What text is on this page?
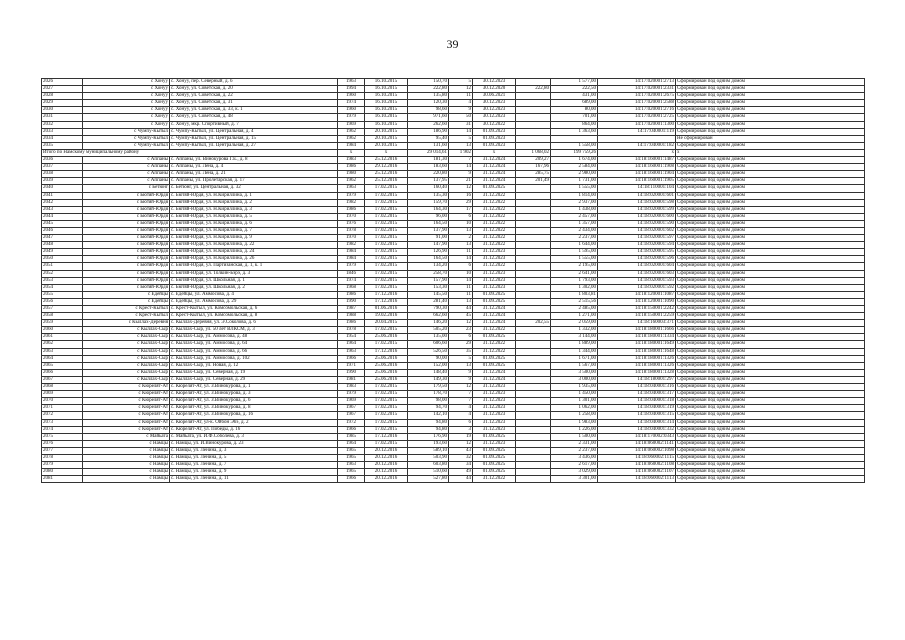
39
2026	с Хонуу	с. Хонуу, пер. Северный, д. 6	1963	16.10.2015	150,70	5	30.12.2023		1 577,00	14:17:020001:2713	Сформирован под одним домом
2027	с Хонуу	с. Хонуу, ул. Советская, д. 20	1994	16.10.2015	222,80	12	30.12.2020	222,80	222,50	14:17:020001:2331	Сформирован под одним домом
2028	с Хонуу	с. Хонуу, ул. Советская, д. 22	1960	16.10.2015	135,80	11	30.06.2021		431,00	14:17:020001:2675	Сформирован под одним домом
2029	с Хонуу	с. Хонуу, ул. Советская, д. 31	1974	16.10.2015	120,30	4	30.12.2023		689,00	14:17:020001:2588	Сформирован под одним домом
2030	с Хонуу	с. Хонуу, ул. Советская, д. 33, к. 1	1960	16.10.2015	98,60	9	30.12.2023		80,00	14:17:020001:2716	Сформирован под одним домом
2031	с Хонуу	с. Хонуу, ул. Советская, д. 48	1979	16.10.2015	971,60	50	30.12.2023		701,00	14:17:020001:2725	Сформирован под одним домом
2032	с Хонуу	с. Хонуу, мкр. Спортивный, д. 7	1969	16.10.2015	262,60	31	30.12.2022		864,00	14:17:020001:1300	Сформирован под одним домом
2033	с Чумпу-Кытыл	с. Чумпу-Кытыл, ул. Центральная, д. 4	1962	20.10.2015	186,90	14	01.09.2023		1 363,60	14:17:040001:119	Сформирован под одним домом
2034	с Чумпу-Кытыл	с. Чумпу-Кытыл, ул. Центральная, д. 15	1962	20.10.2015	95,40	5	01.09.2023				Не сформирован
2035	с Чумпу-Кытыл	с. Чумпу-Кытыл, ул. Центральная, д. 27	1984	20.10.2015	131,60	13	01.09.2023		1 558,00	14:17:040001:182	Сформирован под одним домом
Итого по Намскому муниципальному району			х	х	29 014,61	1 902	х	1 068,02	199 759,26	х	х
2036	с Аппаны	с. Аппаны, ул. Винокурова Г.Е., д. 8	1983	25.12.2016	181,30	7	31.12.2024	209,27	1 674,00	14:18:160001:1487	Сформирован под одним домом
2037	с Аппаны	с. Аппаны, ул. Лена, д. 4	1986	29.12.2016	183,60	14	31.12.2024	167,96	2 584,00	14:18:160001:1908	Сформирован под одним домом
2038	с Аппаны	с. Аппаны, ул. Лена, д. 21	1980	25.12.2016	220,80	9	31.12.2024	285,75	2 980,00	14:18:160001:1904	Сформирован под одним домом
2039	с Аппаны	с. Аппаны, ул. Пролетарская, д. 17	1962	25.12.2016	137,95	21	31.12.2024	201,49	1 731,00	14:18:160001:1905	Сформирован под одним домом
2040	с Бетюнг	с. Бетюнг, ул. Центральная, д. 32	1963	17.02.2015	160,40	12	01.09.2025		1 555,00	14:18:110001:104	Сформирован под одним домом
2041	с Бютяй-Юрдя	с. Бютяй-Юрдя, ул. Н.Кириллина, д. 1	1979	17.02.2015	135,30	16	31.12.2022		1 814,00	14:18:020001:601	Сформирован под одним домом
2042	с Бютяй-Юрдя	с. Бютяй-Юрдя, ул. Н.Кириллина, д. 2	1982	17.02.2015	159,70	29	31.12.2022		2 937,00	14:18:020001:598	Сформирован под одним домом
2043	с Бютяй-Юрдя	с. Бютяй-Юрдя, ул. Н.Кириллина, д. 3	1986	17.02.2015	164,30	17	31.12.2022		1 438,00	14:18:020001:599	Сформирован под одним домом
2044	с Бютяй-Юрдя	с. Бютяй-Юрдя, ул. Н.Кириллина, д. 5	1970	17.02.2015	96,00	6	31.12.2022		2 457,00	14:18:020001:600	Сформирован под одним домом
2045	с Бютяй-Юрдя	с. Бютяй-Юрдя, ул. Н.Кириллина, д. 6	1976	17.02.2015	164,50	10	31.12.2022		1 357,00	14:18:020001:590	Сформирован под одним домом
2046	с Бютяй-Юрдя	с. Бютяй-Юрдя, ул. Н.Кириллина, д. 7	1978	17.02.2015	137,90	13	31.12.2022		2 434,00	14:18:020001:602	Сформирован под одним домом
2047	с Бютяй-Юрдя	с. Бютяй-Юрдя, ул. Н.Кириллина, д. 9	1970	17.02.2015	91,00	2	31.12.2022		2 237,00	14:18:020001:597	Сформирован под одним домом
2048	с Бютяй-Юрдя	с. Бютяй-Юрдя, ул. Н.Кириллина, д. 22	1982	17.02.2015	147,90	13	31.12.2022		1 644,00	14:18:020001:594	Сформирован под одним домом
2049	с Бютяй-Юрдя	с. Бютяй-Юрдя, ул. Н.Кириллина, д. 24	1984	17.02.2015	126,90	11	31.12.2023		1 595,00	14:18:020001:595	Сформирован под одним домом
2050	с Бютяй-Юрдя	с. Бютяй-Юрдя, ул. Н.Кириллина, д. 26	1984	17.02.2015	164,50	14	31.12.2023		1 555,00	14:18:020001:596	Сформирован под одним домом
2051	с Бютяй-Юрдя	с. Бютяй-Юрдя, ул. Партизанская, д. 1, к. 1	1979	17.02.2015	134,20	6	31.12.2022		2 195,00	14:18:020001:604	Сформирован под одним домом
2052	с Бютяй-Юрдя	с. Бютяй-Юрдя, ул. Толкин-Бэрэ, д. 3	1846	17.02.2015	258,70	10	31.12.2023		2 641,00	14:18:020001:603	Сформирован под одним домом
2053	с Бютяй-Юрдя	с. Бютяй-Юрдя, ул. Школьная, д. 1	1974	17.02.2015	157,90	14	31.12.2023		1 793,00	14:18:020001:593	Сформирован под одним домом
2054	с Бютяй-Юрдя	с. Бютяй-Юрдя, ул. Школьная, д. 2	1968	17.02.2015	153,30	11	31.12.2023		1 302,00	14:18:020001:592	Сформирован под одним домом
2055	с Едейцы	с. Едейцы, ул. Аммосова, д. 4	1986	17.12.2016	145,50	11	01.09.2025		1 803,81	14:18:120001:1087	Сформирован под одним домом
2056	с Едейцы	с. Едейцы, ул. Аммосова, д. 29	1990	17.12.2016	281,40	13	01.09.2025		2 515,56	14:18:120001:1090	Сформирован под одним домом
2057	с Крест-Кытыл	с. Крест-Кытыл, ул. Комсомольская, д. 6	1987	01.06.2016	790,30	44	31.12.2024		2 485,00	14:18:150001:2242	Сформирован под одним домом
2058	с Крест-Кытыл	с. Крест-Кытыл, ул. Комсомольская, д. 8	1988	19.02.2016	662,60	45	31.12.2024		1 271,00	14:18:150001:2259	Сформирован под одним домом
2059	с Кыллах-Деревня	с. Кыллах-Деревня, ул. Э.Соколова, д. 6	1986	20.04.2015	146,20	12	31.12.2024	202,55	2 059,00	14:18:160003:371	Сформирован под одним домом
2060	с Кыллах-Сыр	с. Кыллах-Сыр, ул. 50 лет ВЛКСМ, д. 3	1978	17.02.2015	505,20	23	31.12.2022		1 332,00	14:18:180001:1666	Сформирован под одним домом
2061	с Кыллах-Сыр	с. Кыллах-Сыр, ул. Аммосова, д. 48	1954	25.06.2016	135,00	6	01.09.2025		3 144,00	14:18:180001:1334	Сформирован под одним домом
2062	с Кыллах-Сыр	с. Кыллах-Сыр, ул. Аммосова, д. 64	1964	17.02.2015	606,60	29	31.12.2022		1 889,00	14:18:180001:1649	Сформирован под одним домом
2063	с Кыллах-Сыр	с. Кыллах-Сыр, ул. Аммосова, д. 66	1963	17.12.2016	526,50	35	31.12.2022		1 344,00	14:18:180001:1648	Сформирован под одним домом
2064	с Кыллах-Сыр	с. Кыллах-Сыр, ул. Аммосова, д. 102	1966	25.06.2016	90,00	5	01.09.2025		1 671,00	14:18:180001:1326	Сформирован под одним домом
2065	с Кыллах-Сыр	с. Кыллах-Сыр, ул. Новая, д. 12	1971	25.06.2016	152,00	13	01.09.2025		1 567,00	14:18:180001:1326	Сформирован под одним домом
2066	с Кыллах-Сыр	с. Кыллах-Сыр, ул. Северная, д. 19	1990	25.06.2016	148,40	9	31.12.2024		3 500,00	14:18:180001:1328	Сформирован под одним домом
2067	с Кыллах-Сыр	с. Кыллах-Сыр, ул. Северная, д. 29	1981	25.06.2016	149,30	9	31.12.2024		3 000,00	14:18:180001:297	Сформирован под одним домом
2068	с Кюрелят-Ат	с. Кюрелят-Ат, ул. З.Винокурова, д. 1	1983	17.02.2015	179,50	12	31.12.2023		1 935,00	14:18:040001:316	Сформирован под одним домом
2069	с Кюрелят-Ат	с. Кюрелят-Ат, ул. З.Винокурова, д. 3	1979	17.02.2015	178,70	7	31.12.2023		1 450,00	14:18:040001:317	Сформирован под одним домом
2070	с Кюрелят-Ат	с. Кюрелят-Ат, ул. З.Винокурова, д. 6	1969	17.02.2015	98,00	7	31.12.2023		1 301,00	14:18:040001:318	Сформирован под одним домом
2071	с Кюрелят-Ат	с. Кюрелят-Ат, ул. З.Винокурова, д. 8	1967	17.02.2015	94,70	4	31.12.2023		1 062,00	14:18:040001:319	Сформирован под одним домом
2072	с Кюрелят-Ат	с. Кюрелят-Ат, ул. З.Винокурова, д. 16	1967	17.02.2015	142,10	4	31.12.2023		1 258,00	14:18:040001:315	Сформирован под одним домом
2073	с Кюрелят-Ат	с. Кюрелят-Ат, ул-к. Ойбон Эбэ, д. 2	1972	17.02.2015	94,80	6	31.12.2023		1 983,00	14:18:040001:314	Сформирован под одним домом
2074	с Кюрелят-Ат	с. Кюрелят-Ат, ул. Победы, д. 16	1966	17.02.2015	94,80	3	31.12.2023		1 226,00	14:18:040001:332	Сформирован под одним домом
2075	с Майьата	с. Майьата, ул. И.Ф.Соболева, д. 3	1985	17.12.2016	176,90	19	01.09.2025		1 500,00	14:18:170002:0343	Сформирован под одним домом
2076	с Намцы	с. Намцы, ул. И.Винокурова, д. 23	1964	17.02.2015	193,60	12	31.12.2023		2 331,00	14:18:060002:1141	Сформирован под одним домом
2077	с Намцы	с. Намцы, ул. Ленина, д. 3	1965	20.12.2016	589,10	43	01.09.2025		2 237,00	14:18:060002:1098	Сформирован под одним домом
2078	с Намцы	с. Намцы, ул. Ленина, д. 5	1965	20.12.2016	503,90	32	01.09.2025		3 436,00	14:18:060002:1115	Сформирован под одним домом
2079	с Намцы	с. Намцы, ул. Ленина, д. 7	1963	20.12.2016	603,80	34	01.09.2025		2 617,00	14:18:060002:1108	Сформирован под одним домом
2080	с Намцы	с. Намцы, ул. Ленина, д. 9	1965	20.12.2016	510,60	49	01.09.2025		3 029,00	14:18:060002:1107	Сформирован под одним домом
2081	с Намцы	с. Намцы, ул. Ленина, д. 11	1966	20.12.2016	527,80	44	31.12.2022		3 301,00	14:18:060002:1113	Сформирован под одним домом
